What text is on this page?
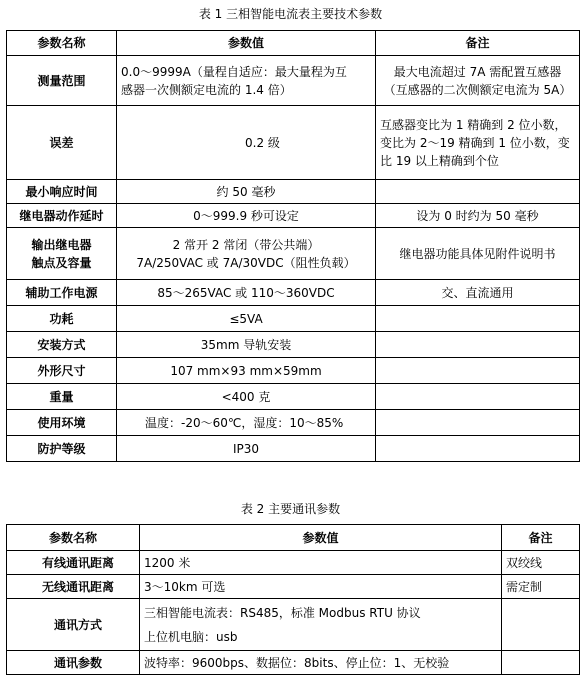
表 1 三相智能电流表主要技术参数
参数名称	参数值	备注
测量范围	0.0～9999A（量程自适应：最大量程为互
感器一次侧额定电流的 1.4 倍）	最大电流超过 7A 需配置互感器
（互感器的二次侧额定电流为 5A）

误差	0.2 级	互感器变比为 1 精确到 2 位小数，
变比为 2～19 精确到 1 位小数，变
比 19 以上精确到个位

最小响应时间	约 50 毫秒	
继电器动作延时	0～999.9 秒可设定	设为 0 时约为 50 毫秒

输出继电器
触点及容量	2 常开 2 常闭（带公共端）
7A/250VAC 或 7A/30VDC（阻性负载）	继电器功能具体见附件说明书
辅助工作电源	85～265VAC 或 110～360VDC	交、直流通用
功耗	≤5VA	
安装方式	35mm 导轨安装	
外形尺寸	107 mm×93 mm×59mm	
重量	<400 克	
使用环境	温度：-20～60℃，湿度：10～85%	
防护等级	IP30	
表 2 主要通讯参数
参数名称	参数值	备注
有线通讯距离	1200 米	双绞线
无线通讯距离	3～10km 可选	需定制
通讯方式	三相智能电流表：RS485，标准 Modbus RTU 协议
上位机电脑：usb	

通讯参数	波特率：9600bps、数据位：8bits、停止位：1、无校验	
